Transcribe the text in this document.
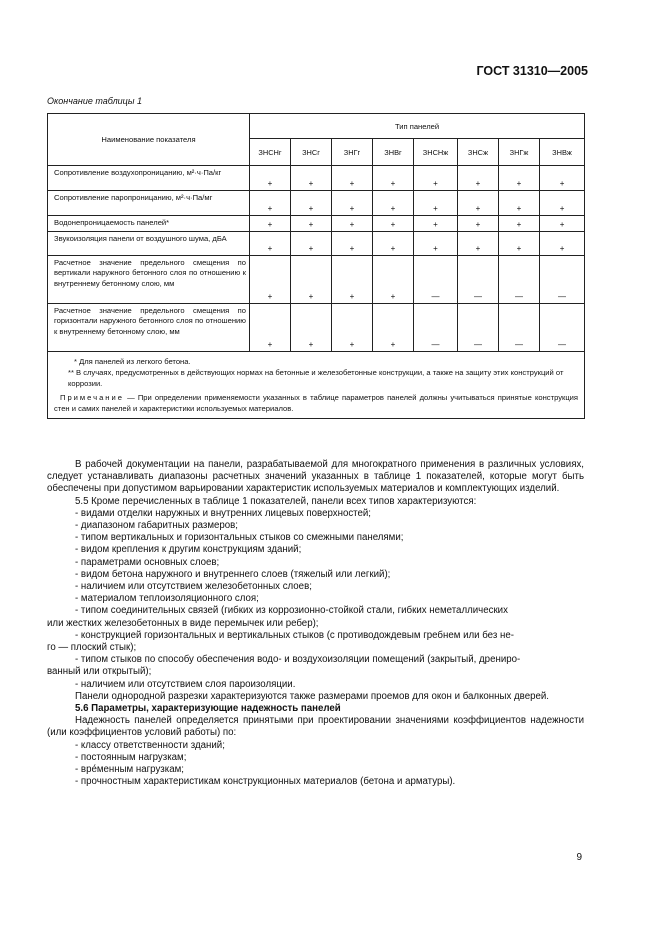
ГОСТ 31310—2005
Окончание таблицы 1
Наименование показателя	Тип панелей							
	ЗНСНг	ЗНСг	ЗНГг	ЗНВг	ЗНСНж	ЗНСж	ЗНГж	ЗНВж
Сопротивление воздухопроницанию, м²·ч·Па/кг	+	+	+	+	+	+	+	+
Сопротивление паропроницанию, м²·ч·Па/мг	+	+	+	+	+	+	+	+
Водонепроницаемость панелей*	+	+	+	+	+	+	+	+
Звукоизоляция панели от воздушного шума, дБА	+	+	+	+	+	+	+	+
Расчетное значение предельного смещения по вертикали наружного бетонного слоя по отношению к внутреннему бетонному слою, мм	+	+	+	+	—	—	—	—
Расчетное значение предельного смещения по горизонтали наружного бетонного слоя по отношению к внутреннему бетонному слою, мм	+	+	+	+	—	—	—	—

* Для панелей из легкого бетона.
** В случаях, предусмотренных в действующих нормах на бетонные и железобетонные конструкции, а также на защиту этих конструкций от коррозии.
Примечание — При определении применяемости указанных в таблице параметров панелей должны учитываться принятые конструкция стен и самих панелей и характеристики используемых материалов.								

В рабочей документации на панели, разрабатываемой для многократного применения в различных условиях, следует устанавливать диапазоны расчетных значений указанных в таблице 1 показателей, которые могут быть обеспечены при допустимом варьировании характеристик используемых материалов и комплектующих изделий.

5.5 Кроме перечисленных в таблице 1 показателей, панели всех типов характеризуются:

- видами отделки наружных и внутренних лицевых поверхностей;

- диапазоном габаритных размеров;

- типом вертикальных и горизонтальных стыков со смежными панелями;

- видом крепления к другим конструкциям зданий;

- параметрами основных слоев;

- видом бетона наружного и внутреннего слоев (тяжелый или легкий);

- наличием или отсутствием железобетонных слоев;

- материалом теплоизоляционного слоя;

- типом соединительных связей (гибких из коррозионно-стойкой стали, гибких неметаллических

или жестких железобетонных в виде перемычек или ребер);

- конструкцией горизонтальных и вертикальных стыков (с противодождевым гребнем или без не-

го — плоский стык);

- типом стыков по способу обеспечения водо- и воздухоизоляции помещений (закрытый, дрениро-

ванный или открытый);

- наличием или отсутствием слоя пароизоляции.

Панели однородной разрезки характеризуются также размерами проемов для окон и балконных дверей.

5.6 Параметры, характеризующие надежность панелей

Надежность панелей определяется принятыми при проектировании значениями коэффициентов надежности (или коэффициентов условий работы) по:

- классу ответственности зданий;

- постоянным нагрузкам;

- вре́менным нагрузкам;

- прочностным характеристикам конструкционных материалов (бетона и арматуры).

9
